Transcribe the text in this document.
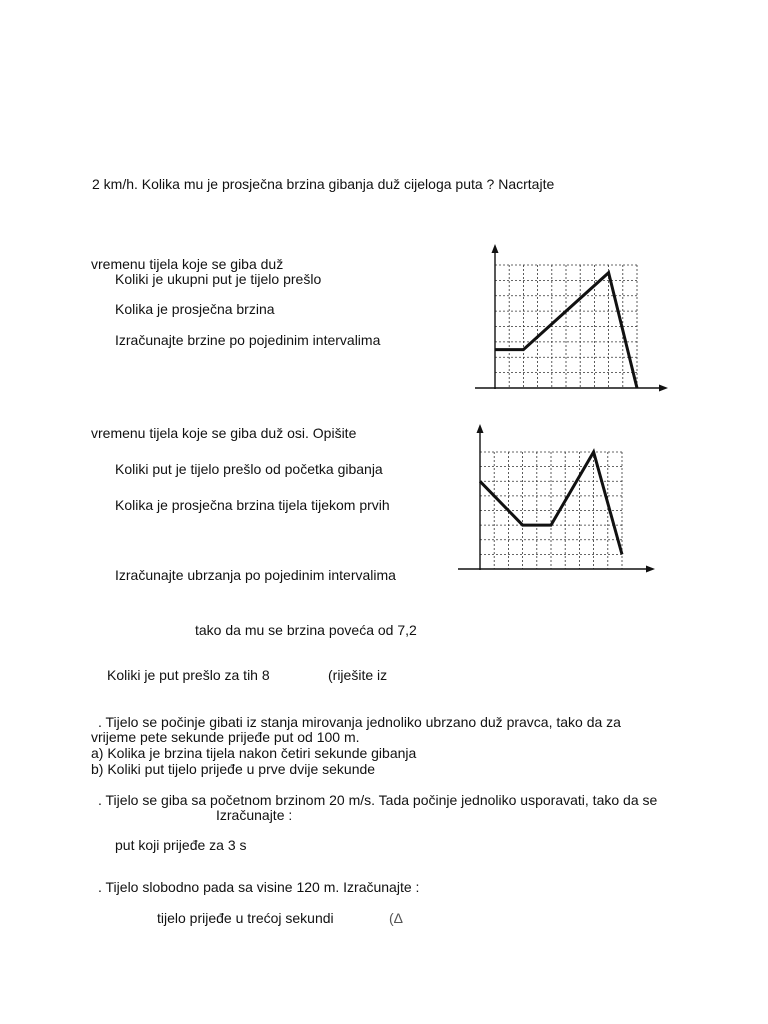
2 km/h. Kolika mu je prosječna brzina gibanja duž cijeloga puta ? Nacrtajte
vremenu tijela koje se giba duž
Koliki je ukupni put je tijelo prešlo
Kolika je prosječna brzina
Izračunajte brzine po pojedinim intervalima
vremenu tijela koje se giba duž osi. Opišite
Koliki put je tijelo prešlo od početka gibanja
Kolika je prosječna brzina tijela tijekom prvih
Izračunajte ubrzanja po pojedinim intervalima
tako da mu se brzina poveća od 7,2
Koliki je put prešlo za tih 8	(riješite iz
. Tijelo se počinje gibati iz stanja mirovanja jednoliko ubrzano duž pravca, tako da za
vrijeme pete sekunde prijeđe put od 100 m.
a) Kolika je brzina tijela nakon četiri sekunde gibanja
b) Koliki put tijelo prijeđe u prve dvije sekunde
. Tijelo se giba sa početnom brzinom 20 m/s. Tada počinje jednoliko usporavati, tako da se
Izračunajte :
put koji prijeđe za 3 s
. Tijelo slobodno pada sa visine 120 m. Izračunajte :
tijelo prijeđe u trećoj sekundi	(Δ
